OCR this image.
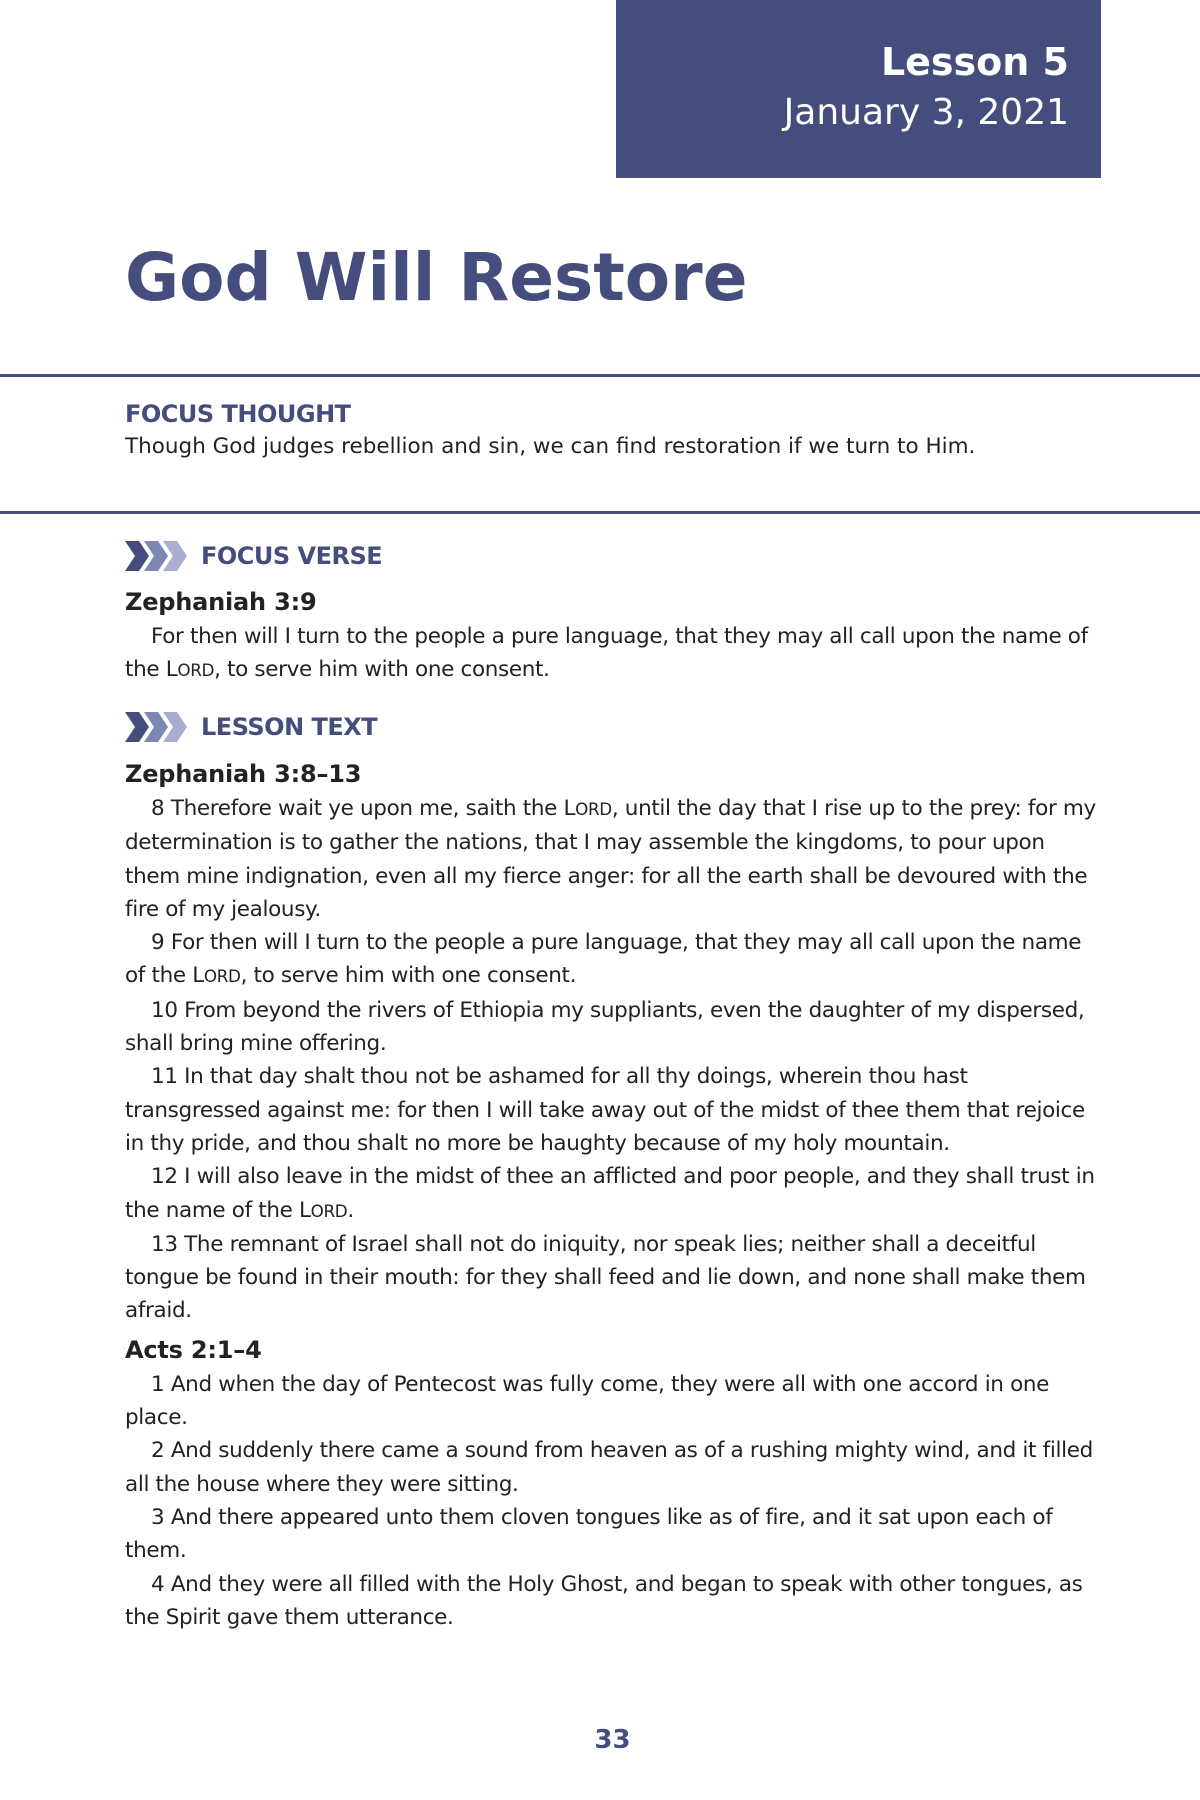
Lesson 5
January 3, 2021
God Will Restore
FOCUS THOUGHT
Though God judges rebellion and sin, we can find restoration if we turn to Him.
FOCUS VERSE
Zephaniah 3:9

For then will I turn to the people a pure language, that they may all call upon the name of the LORD, to serve him with one consent.

LESSON TEXT
Zephaniah 3:8–13

8 Therefore wait ye upon me, saith the LORD, until the day that I rise up to the prey: for my determination is to gather the nations, that I may assemble the kingdoms, to pour upon them mine indignation, even all my fierce anger: for all the earth shall be devoured with the fire of my jealousy.

9 For then will I turn to the people a pure language, that they may all call upon the name of the LORD, to serve him with one consent.

10 From beyond the rivers of Ethiopia my suppliants, even the daughter of my dispersed, shall bring mine offering.

11 In that day shalt thou not be ashamed for all thy doings, wherein thou hast transgressed against me: for then I will take away out of the midst of thee them that rejoice in thy pride, and thou shalt no more be haughty because of my holy mountain.

12 I will also leave in the midst of thee an afflicted and poor people, and they shall trust in the name of the LORD.

13 The remnant of Israel shall not do iniquity, nor speak lies; neither shall a deceitful tongue be found in their mouth: for they shall feed and lie down, and none shall make them afraid.

Acts 2:1–4

1 And when the day of Pentecost was fully come, they were all with one accord in one place.

2 And suddenly there came a sound from heaven as of a rushing mighty wind, and it filled all the house where they were sitting.

3 And there appeared unto them cloven tongues like as of fire, and it sat upon each of them.

4 And they were all filled with the Holy Ghost, and began to speak with other tongues, as the Spirit gave them utterance.

33
